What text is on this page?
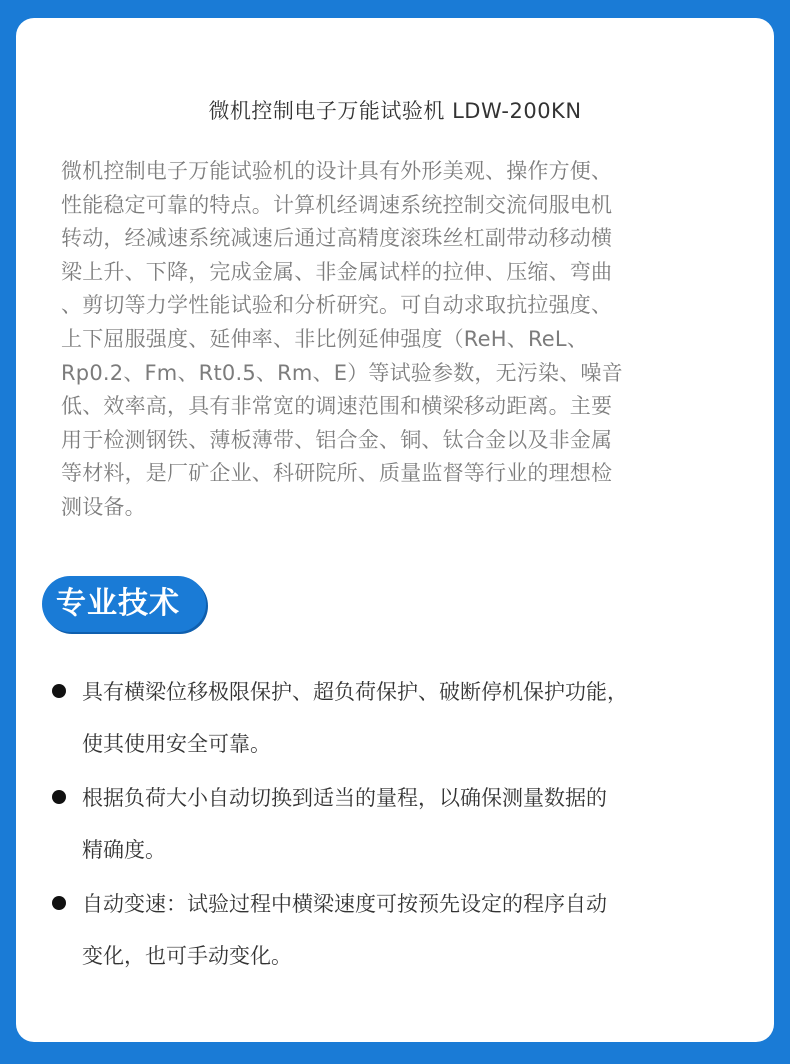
微机控制电子万能试验机 LDW-200KN

微机控制电子万能试验机的设计具有外形美观、操作方便、
性能稳定可靠的特点。计算机经调速系统控制交流伺服电机
转动，经减速系统减速后通过高精度滚珠丝杠副带动移动横
梁上升、下降，完成金属、非金属试样的拉伸、压缩、弯曲
、剪切等力学性能试验和分析研究。可自动求取抗拉强度、
上下屈服强度、延伸率、非比例延伸强度（ReH、ReL、
Rp0.2、Fm、Rt0.5、Rm、E）等试验参数，无污染、噪音
低、效率高，具有非常宽的调速范围和横梁移动距离。主要
用于检测钢铁、薄板薄带、铝合金、铜、钛合金以及非金属
等材料，是厂矿企业、科研院所、质量监督等行业的理想检
测设备。

专业技术
具有横梁位移极限保护、超负荷保护、破断停机保护功能，
使其使用安全可靠。
根据负荷大小自动切换到适当的量程，以确保测量数据的
精确度。
自动变速：试验过程中横梁速度可按预先设定的程序自动
变化，也可手动变化。
